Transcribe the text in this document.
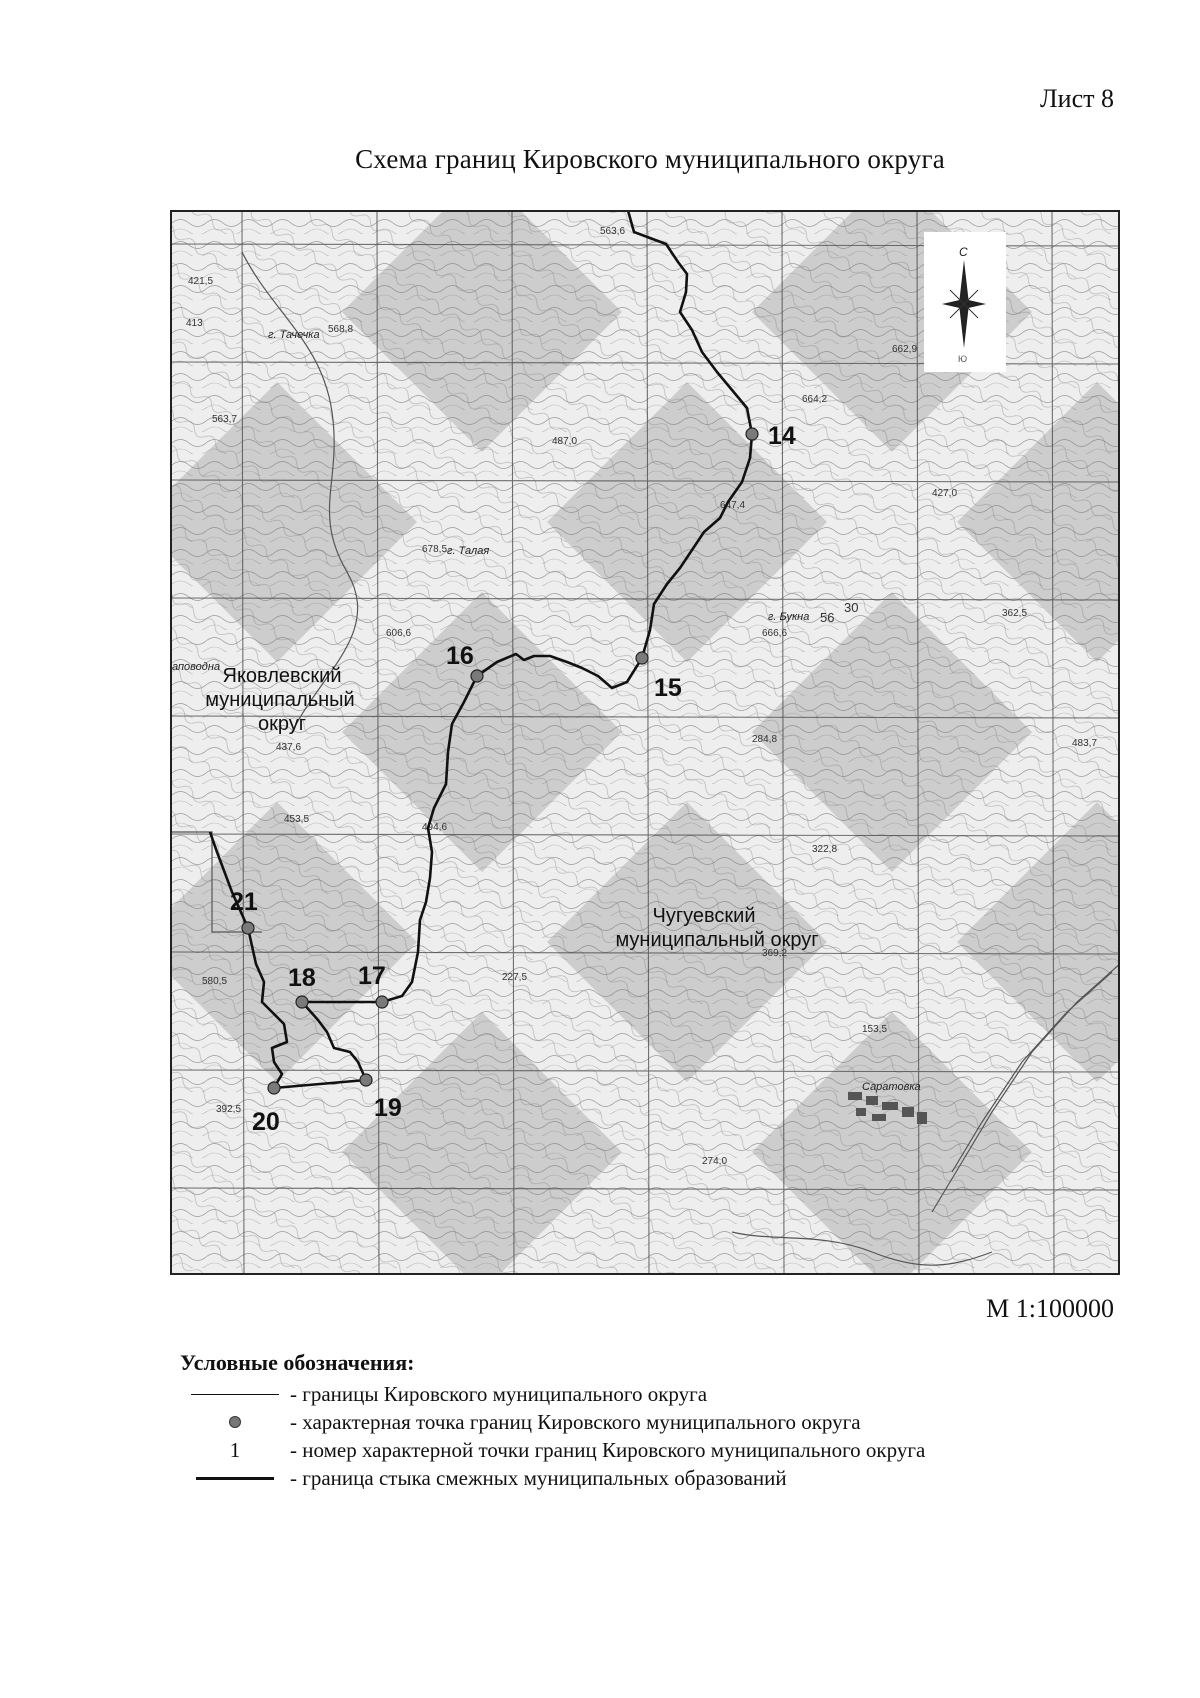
Лист 8
Схема границ Кировского муниципального округа
563,6
487,0
662,9
664,2
568,8
413
421,5
563,7
647,4
427,0
606,6
678,5
666,6
362,5
437,6
453,5
494,6
322,8
284,8
369,2
227,5
153,5
580,5
392,5
274,0
483,7
56
30
г. Тачечка
г. Талая
г. Букна
Саратовка
аповодна
С
Ю
14
15
16
17
18
19
20
21
Яковлевский
муниципальный
округ
Чугуевский
муниципальный округ
М 1:100000
Условные обозначения:
- границы Кировского муниципального округа
- характерная точка границ Кировского муниципального округа
1 - номер характерной точки границ Кировского муниципального округа
- граница стыка смежных муниципальных образований
